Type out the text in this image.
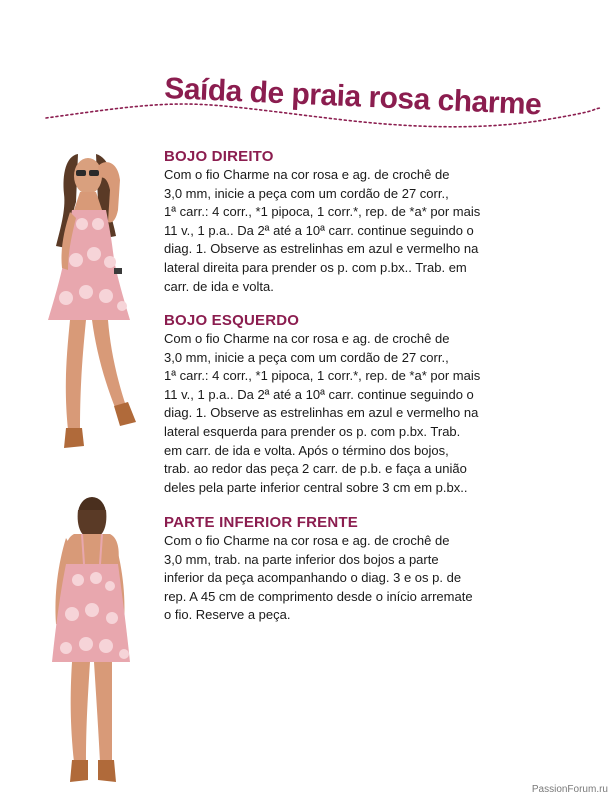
Saída de praia rosa charme
BOJO DIREITO

Com o fio Charme na cor rosa e ag. de crochê de
3,0 mm, inicie a peça com um cordão de 27 corr.,
1ª carr.: 4 corr., *1 pipoca, 1 corr.*, rep. de *a* por mais
11 v., 1 p.a.. Da 2ª até a 10ª carr. continue seguindo o
diag. 1. Observe as estrelinhas em azul e vermelho na
lateral direita para prender os p. com p.bx.. Trab. em
carr. de ida e volta.

BOJO ESQUERDO

Com o fio Charme na cor rosa e ag. de crochê de
3,0 mm, inicie a peça com um cordão de 27 corr.,
1ª carr.: 4 corr., *1 pipoca, 1 corr.*, rep. de *a* por mais
11 v., 1 p.a.. Da 2ª até a 10ª carr. continue seguindo o
diag. 1. Observe as estrelinhas em azul e vermelho na
lateral esquerda para prender os p. com p.bx. Trab.
em carr. de ida e volta. Após o término dos bojos,
trab. ao redor das peça 2 carr. de p.b. e faça a união
deles pela parte inferior central sobre 3 cm em p.bx..

PARTE INFERIOR FRENTE

Com o fio Charme na cor rosa e ag. de crochê de
3,0 mm, trab. na parte inferior dos bojos a parte
inferior da peça acompanhando o diag. 3 e os p. de
rep. A 45 cm de comprimento desde o início arremate
o fio. Reserve a peça.

PassionForum.ru
